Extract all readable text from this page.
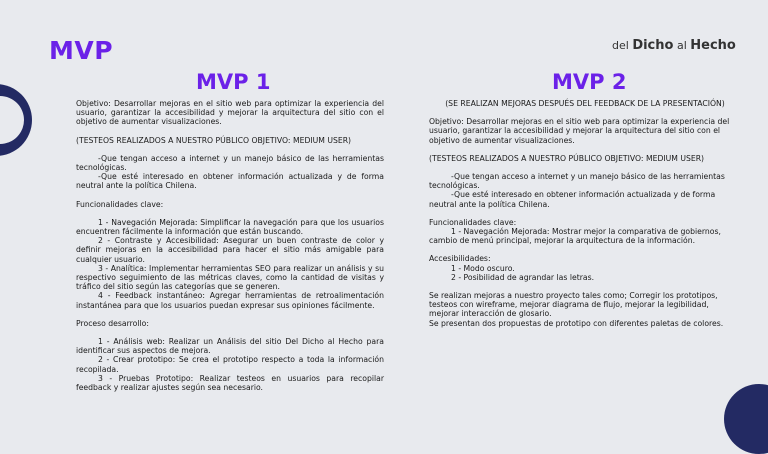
MVP	del Dicho al Hecho
MVP 1	MVP 2

Objetivo: Desarrollar mejoras en el sitio web para optimizar la experiencia del usuario, garantizar la accesibilidad y mejorar la arquitectura del sitio con el objetivo de aumentar visualizaciones.

(TESTEOS REALIZADOS A NUESTRO PÚBLICO OBJETIVO: MEDIUM USER)

-Que tengan acceso a internet y un manejo básico de las herramientas tecnológicas.

-Que esté interesado en obtener información actualizada y de forma neutral ante la política Chilena.

Funcionalidades clave:

1 - Navegación Mejorada: Simplificar la navegación para que los usuarios encuentren fácilmente la información que están buscando.

2 - Contraste y Accesibilidad: Asegurar un buen contraste de color y definir mejoras en la accesibilidad para hacer el sitio más amigable para cualquier usuario.

3 - Analítica: Implementar herramientas SEO para realizar un análisis y su respectivo seguimiento de las métricas claves, como la cantidad de visitas y tráfico del sitio según las categorías que se generen.

4 - Feedback instantáneo: Agregar herramientas de retroalimentación instantánea para que los usuarios puedan expresar sus opiniones fácilmente.

Proceso desarrollo:

1 - Análisis web: Realizar un Análisis del sitio Del Dicho al Hecho para identificar sus aspectos de mejora.

2 - Crear prototipo: Se crea el prototipo respecto a toda la información recopilada.

3 - Pruebas Prototipo: Realizar testeos en usuarios para recopilar feedback y realizar ajustes según sea necesario.

(SE REALIZAN MEJORAS DESPUÉS DEL FEEDBACK DE LA PRESENTACIÓN)

Objetivo: Desarrollar mejoras en el sitio web para optimizar la experiencia del usuario, garantizar la accesibilidad y mejorar la arquitectura del sitio con el objetivo de aumentar visualizaciones.

(TESTEOS REALIZADOS A NUESTRO PÚBLICO OBJETIVO: MEDIUM USER)

-Que tengan acceso a internet y un manejo básico de las herramientas tecnológicas.

-Que esté interesado en obtener información actualizada y de forma neutral ante la política Chilena.

Funcionalidades clave:

1 - Navegación Mejorada: Mostrar mejor la comparativa de gobiernos, cambio de menú principal, mejorar la arquitectura de la información.

Accesibilidades:

1 - Modo oscuro.

2 - Posibilidad de agrandar las letras.

Se realizan mejoras a nuestro proyecto tales como; Corregir los prototipos, testeos con wireframe, mejorar diagrama de flujo, mejorar la legibilidad, mejorar interacción de glosario.

Se presentan dos propuestas de prototipo con diferentes paletas de colores.
